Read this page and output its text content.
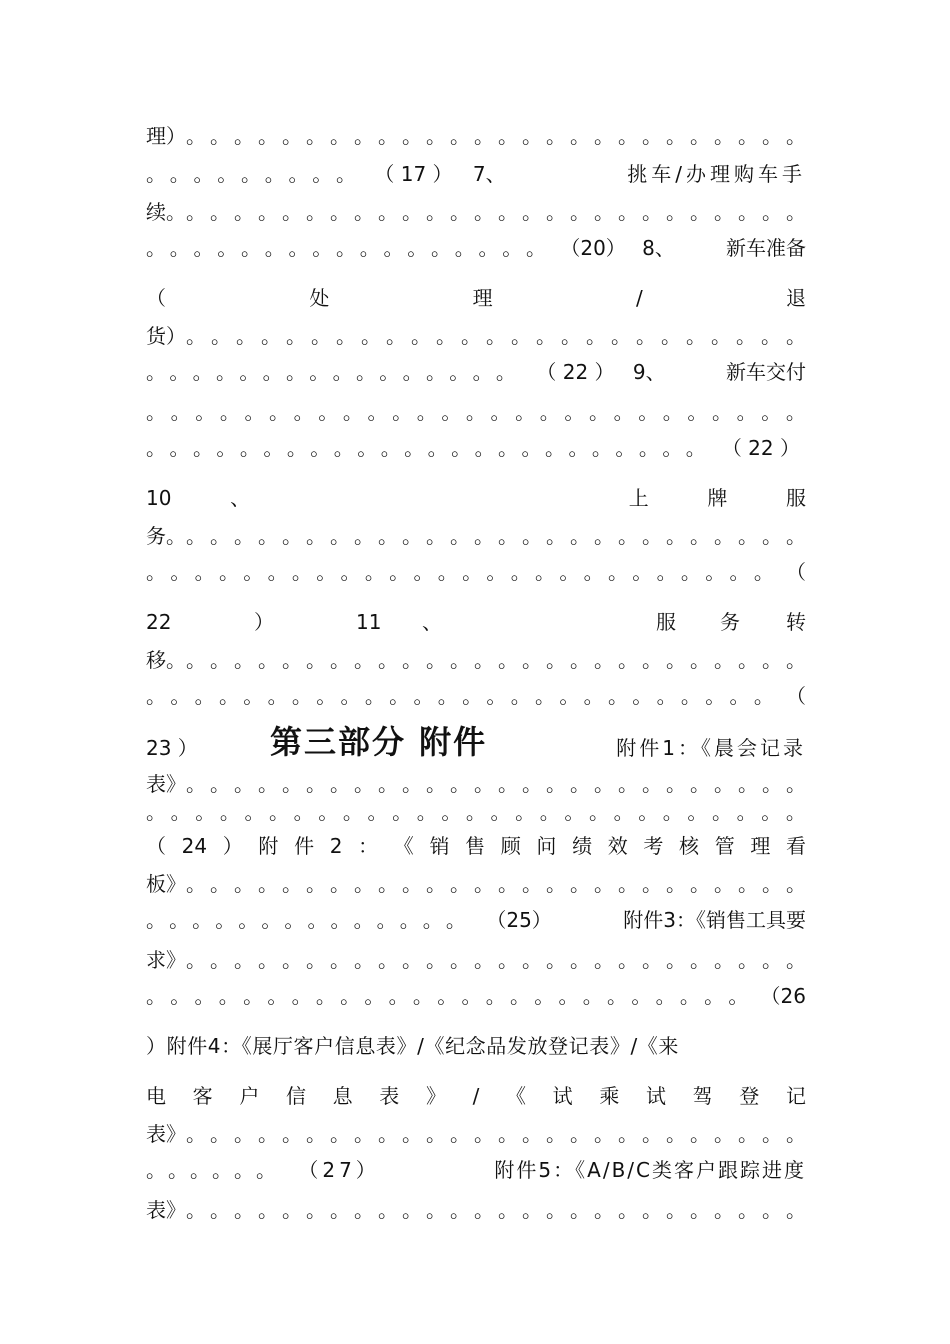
理） 。 。 。 。 。 。 。 。 。 。 。 。 。 。 。 。 。 。 。 。 。 。 。 。 。 。
。 。 。 。 。 。 。 。 。 （ 17 ） 7、	挑车/办理购车手
续。 。 。 。 。 。 。 。 。 。 。 。 。 。 。 。 。 。 。 。 。 。 。 。 。 。 。
。 。 。 。 。 。 。 。 。 。 。 。 。 。 。 。 。 （20） 8、	新车准备
（	处	理	/	退
货） 。 。 。 。 。 。 。 。 。 。 。 。 。 。 。 。 。 。 。 。 。 。 。 。 。
。 。 。 。 。 。 。 。 。 。 。 。 。 。 。 。 （ 22 ） 9、	新车交付
。 。 。 。 。 。 。 。 。 。 。 。 。 。 。 。 。 。 。 。 。 。 。 。 。 。 。
。 。 。 。 。 。 。 。 。 。 。 。 。 。 。 。 。 。 。 。 。 。 。 。 （ 22 ）
10	、	上	牌	服
务。 。 。 。 。 。 。 。 。 。 。 。 。 。 。 。 。 。 。 。 。 。 。 。 。 。 。
。 。 。 。 。 。 。 。 。 。 。 。 。 。 。 。 。 。 。 。 。 。 。 。 。 。 （
22	）	11 、	服 务 转
移。 。 。 。 。 。 。 。 。 。 。 。 。 。 。 。 。 。 。 。 。 。 。 。 。 。 。
。 。 。 。 。 。 。 。 。 。 。 。 。 。 。 。 。 。 。 。 。 。 。 。 。 。 （
23 ） 第三部分 附件	附件1：《晨会记录
表》 。 。 。 。 。 。 。 。 。 。 。 。 。 。 。 。 。 。 。 。 。 。 。 。 。 。
。 。 。 。 。 。 。 。 。 。 。 。 。 。 。 。 。 。 。 。 。 。 。 。 。 。 。
（ 24 ） 附 件 2 ： 《 销 售 顾 问 绩 效 考 核 管 理 看
板》 。 。 。 。 。 。 。 。 。 。 。 。 。 。 。 。 。 。 。 。 。 。 。 。 。 。
。 。 。 。 。 。 。 。 。 。 。 。 。 。 （25）	附件3：《销售工具要
求》 。 。 。 。 。 。 。 。 。 。 。 。 。 。 。 。 。 。 。 。 。 。 。 。 。 。
。 。 。 。 。 。 。 。 。 。 。 。 。 。 。 。 。 。 。 。 。 。 。 。 。 （26
）附件4：《展厅客户信息表》/《纪念品发放登记表》/《来
电 客 户 信 息 表 》 / 《 试 乘 试 驾 登 记
表》 。 。 。 。 。 。 。 。 。 。 。 。 。 。 。 。 。 。 。 。 。 。 。 。 。 。
。 。 。 。 。 。 （27）	附件5：《A/B/C类客户跟踪进度
表》 。 。 。 。 。 。 。 。 。 。 。 。 。 。 。 。 。 。 。 。 。 。 。 。 。 。
